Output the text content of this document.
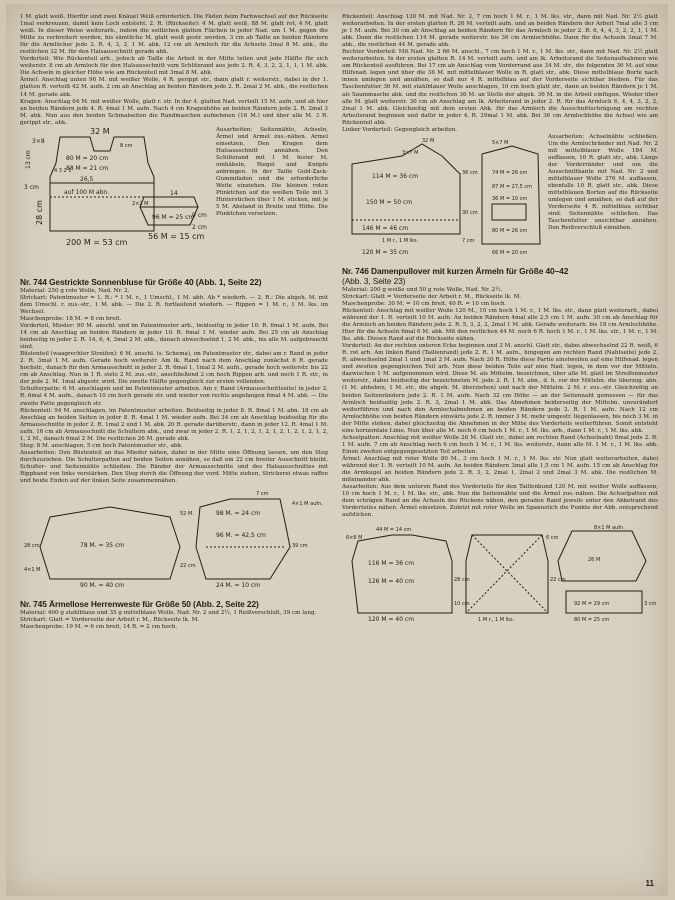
1 M. glatt weiß. Hierfür sind zwei Knäuel Weiß erforderlich. Die Fäden beim Farbwechsel auf der Rückseite 1mal verkreuzen, damit kein Loch entsteht. 2. R. (Rückseite): 4 M. glatt weiß, 88 M. glatt rot, 4 M. glatt weiß. In dieser Weise weiterarb., indem die seitlichen glatten Flächen in jeder Nad. um 1 M. gegen die Mitte zu verbreitert werden, bis sämtliche M. glatt weiß gestr. werden. 3 cm ab Taille an beiden Rändern für die Armlöcher jede 2. R. 4, 3, 2, 1 M. abk. 12 cm ab Armloch für die Achseln 3mal 8 M. abk., die restlichen 32 M. für den Halsausschnitt gerade abk.

Vorderteil: Wie Rückenteil arb., jedoch ab Taille die Arbeit in der Mitte teilen und jede Hälfte für sich weiterstr. 8 cm ab Armloch für den Halsausschnitt vom Schlitzrand aus jede 2. R. 4, 3, 2, 2, 1, 1, 1 M. abk. Die Achseln in gleicher Höhe wie am Rückenteil mit 3mal 8 M. abk.

Ärmel: Anschlag unten 96 M. mit weißer Wolle, 4 R. gerippt str., dann glatt r. weiterstr., dabei in der 1. glatten R. verteilt 42 M. aufn. 2 cm ab Anschlag an beiden Rändern jede 2. R. 2mal 2 M. abk., die restlichen 14 M. gerade abk.

Kragen: Anschlag 64 M. mit weißer Wolle, glatt r. str. In der 4. glatten Nad. verteilt 15 M. aufn. und ab hier an beiden Rändern jede 4. R. 4mal 1 M. aufn. Nach 4 cm Kragenhöhe an beiden Rändern jede 2. R. 2mal 3 M. abk. Nun aus den beiden Schmalseiten die Randmaschen aufnehmen (16 M.) und über alle M. 3 R. gerippt str., abk.

Ausarbeiten: Seitennähte, Achseln, Ärmel und Armel zus.-nähen. Armel einsetzen. Den Kragen dem Halsausschnitt annähen. Den Schlitzrand mit 1 M. fester M. umhäkeln, Riegel und Knöpfe anbringen. In der Taille Gold-Zack-Gummifaden und die erforderliche Weite einziehen. Die kleinen roten Pünktchen auf die weißen Teile mit 3 Hinterstichen über 1 M. sticken, mit je 5 M. Abstand in Breite und Höhe. Die Pünktchen versetzen.

32 M
3×8
8 cm
80 M = 20 cm
88 M = 21 cm
4 3 2 1
26,5
auf 100 M abn.
13 cm
3 cm
28 cm
200 M = 53 cm
14
2×2 M
96 M = 25 cm
9 cm
2 cm
56 M = 15 cm
Nr. 744 Gestrickte Sonnenbluse für Größe 40 (Abb. 1, Seite 22)

Material: 250 g rote Wolle, Nad. Nr. 2.

Strickart: Patentmuster = 1. R.: * 1 M. r., 1 Umschl., 1 M. abh. Ab * wiederh. — 2. R.: Die abgeh. M. mit dem Umschl. r. zus.-str., 1 M. abk. — Die 2. R. fortlaufend wiederh. — Rippen = 1 M. r., 1 M. lks. im Wechsel.

Maschenprobe: 18 M. = 8 cm breit.

Vorderteil, Mieder: 90 M. anschl. und im Patentmuster arb., beidseitig in jeder 10. R. 6mal 1 M. aufn. Bei 14 cm ab Anschlag an beiden Rändern in jeder 10. R. 6mal 1 M. wieder aufn. Bei 25 cm ab Anschlag beidseitig in jeder 2. R. 14, 6, 4, 3mal 2 M. abk., danach abwechselnd 1, 2 M. abk., bis alle M. aufgebraucht sind.

Büstenteil (waagrechter Streifen): 6 M. anschl. (s. Schema), im Patentmuster str., dabei am r. Rand in jeder 2. R. 3mal 1 M. aufn. Gerade hoch weiterstr. Am lk. Rand nach dem Anschlag zunächst 6 R. gerade hochstr., danach für den Armausschnitt in jeder 2. R. 6mal 1, 1mal 2 M. aufn., gerade hoch weiterstr. bis 22 cm ab Anschlag. Nun in 1 R. stets 2 M. zus.-str., anschließend 2 cm hoch Rippen arb. und noch 1 R. str., in der jede 2. M. 1mal abgestr. wird. Die zweite Hälfte gegengleich zur ersten vollenden.

Schulterpatte: 6 M. anschlagen und im Patentmuster arbeiten. Am r. Rand (Armausschnittseite) in jeder 2. R. 6mal 4 M. aufn., danach 10 cm hoch gerade str. und wieder von rechts angefangen 6mal 4 M. abk. — Die zweite Patte gegengleich str.

Rückenteil: 94 M. anschlagen, im Patentmuster arbeiten. Beidseitig in jeder 8. R. 8mal 1 M. abn. 18 cm ab Anschlag an beiden Seiten in jeder 8. R. 4mal 1 M. wieder aufn. Bei 34 cm ab Anschlag beidseitig für die Armausschnitte in jeder 2. R. 1mal 2 und 1 M. abk. 20 R. gerade darüberstr., dann in jeder 12. R. 4mal 1 M. aufn. 16 cm ab Armausschnitt die Schultern abk., und zwar in jeder 2. R. 1, 2, 1, 2, 1, 2, 1, 2, 1, 2, 1, 2, 1, 2, 1, 2 M., danach 6mal 2 M. Die restlichen 26 M. gerade abk.

Steg: 8 M. anschlagen, 5 cm hoch Patentmuster str., abk.

Ausarbeiten: Den Büstenteil an das Mieder nähen, dabei in der Mitte eine Öffnung lassen, um den Steg durchzuziehen. Die Schulterpatten auf beiden Seiten annähen, so daß ein 22 cm breiter Ausschnitt bleibt. Schulter- und Seitennähte schließen. Die Ränder der Armausschnitte und des Halsausschnittes mit Rippband von links verstärken. Den Steg durch die Öffnung der vord. Mitte ziehen, Strickerei etwas raffen und beide Enden auf der linken Seite zusammennähen.

98 M. = 24 cm
96 M. = 42,5 cm
78 M. = 35 cm
90 M. = 40 cm
52 M.
7 cm
28 cm
22 cm
39 cm
24 M. = 10 cm
4×1 M aufn.
4×1 M
Nr. 745 Ärmellose Herrenweste für Größe 50 (Abb. 2, Seite 22)

Material: 400 g stahlblaue und 35 g mittelblaue Wolle, Nad. Nr. 2 und 2½, 1 Reißverschluß, 39 cm lang.

Strickart: Glatt = Vorderseite der Arbeit r. M., Rückseite lk. M.

Maschenprobe: 19 M. = 6 cm breit, 14 R. = 2 cm hoch.

Rückenteil: Anschlag 130 M. mit Nad. Nr. 2, 7 cm hoch 1 M. r., 1 M. lks. str., dann mit Nad. Nr. 2½ glatt weiterarbeiten. In der ersten glatten R. 26 M. verteilt aufn. und an beiden Rändern der Arbeit 7mal alle 3 cm je 1 M. aufn. Bei 30 cm ab Anschlag an beiden Rändern für das Armloch in jeder 2. R. 6, 4, 4, 3, 2, 2, 1, 1 M. abk. Dann die restlichen 114 M. gerade weiterstr. bis 36 cm Armlochhöhe. Dann für die Achseln 3mal 7 M. abk., die restlichen 44 M. gerade abk.

Rechter Vorderteil: Mit Nad. Nr. 2 66 M. anschl., 7 cm hoch 1 M. r., 1 M. lks. str., dann mit Nad. Nr. 2½ glatt weiterarbeiten. In der ersten glatten R. 14 M. verteilt aufn. und am lk. Arbeitsrand die Seitenaufnahmen wie am Rückenteil ausführen. Bei 17 cm ab Anschlag vom Vorderrand aus 34 M. str., die folgenden 36 M. auf eine Hilfsnad. legen und über die 36 M. mit mittelblauer Wolle in R. glatt str., abk. Diese mittelblaue Borte nach innen umlegen und annähen, so daß nur 4 R. mittelblau auf der Vorderseite sichtbar bleiben. Für das Taschenfutter 36 M. mit stahlblauer Wolle anschlagen, 10 cm hoch glatt str., dann an beiden Rändern je 1 M. als Saummasche abk. und die restlichen 36 M. an Stelle der abgek. 36 M. in die Arbeit einfügen. Wieder über alle M. glatt weiterstr. 30 cm ab Anschlag am lk. Arbeitsrand in jeder 2. R. für das Armloch 6, 4, 4, 3, 2, 2, 2mal 1 M. abk. Gleichzeitig mit dem ersten Abk. für das Armloch die Ausschnittschrägung am rechten Arbeitsrand beginnen und dafür in jeder 4. R. 29mal 1 M. abk. Bei 36 cm Armlochhöhe die Achsel wie am Rückenteil abk.

Linker Vorderteil: Gegengleich arbeiten.

32 M
114 M = 36 cm
150 M = 50 cm
146 M = 46 cm
120 M = 35 cm
3×7 M
5×7 M
36 M = 10 cm
74 M = 26 cm
87 M = 27,5 cm
80 M = 26 cm
66 M = 20 cm
1 M r., 1 M lks.	7 cm
30 cm
36 cm

Ausarbeiten: Achselnähte schließen. Um die Armlochränder mit Nad. Nr. 2 mit mittelblauer Wolle 184 M. auffassen, 10 R. glatt str., abk. Längs der Vorderränder und um die Ausschnittkante mit Nad. Nr. 2 und mittelblauer Wolle 376 M. auffassen, ebenfalls 10 R. glatt str., abk. Diese mittelblauen Borten auf die Rückseite umlegen und annähen, so daß auf der Vorderseite 4 R. mittelblau sichtbar sind. Seitennähte schließen. Das Taschenfutter unsichtbar annähen. Den Reißverschluß einnähen.

Nr. 746 Damenpullover mit kurzen Ärmeln für Größe 40–42
(Abb. 3, Seite 23)

Material: 200 g weiße und 50 g rote Wolle, Nad. Nr. 2½.

Strickart: Glatt = Vorderseite der Arbeit r. M., Rückseite lk. M.

Maschenprobe: 30 M. = 10 cm breit, 40 R. = 10 cm hoch.

Rückenteil: Anschlag mit weißer Wolle 120 M., 10 cm hoch 1 M. r., 1 M. lks. str., dann glatt weiterarb., dabei während der 1. R. verteilt 10 M. aufn. An beiden Rändern 4mal alle 2,5 cm 1 M. aufn. 30 cm ab Anschlag für die Armloch an beiden Rändern jede 2. R. 5, 3, 2, 2, 2mal 1 M. abk. Gerade weiterarb. bis 18 cm Armlochhöhe. Hier für die Achseln 6mal 6 M. abk. Mit den restlichen 44 M. noch 6 R. hoch 1 M. r., 1 M. lks. str., 1 M. r., 1 M. lks. abk. Diesen Rand auf die Rückseite nähen.

Vorderteil: An der rechten unteren Ecke beginnen und 3 M. anschl. Glatt str., dabei abwechselnd 22 R. weiß, 6 R. rot arb. Am linken Rand (Taillenrand) jede 2. R. 1 M. aufn., hingegen am rechten Rand (Nahtseite) jede 2. R. abwechselnd 2mal 1 und 1mal 2 M. aufn. Nach 20 R. Höhe diese Partie einstweilen auf eine Hilfsnad. legen und zweiten gegengleichen Teil arb. Nun diese beiden Teile auf eine Nad. legen, in dem vor der Mitteln. dazwischen 1 M. aufgenommen wird. Diese M. als Mittelm. bezeichnen, über alle M. glatt im Streifenmuster weiterstr., dabei beidseitig der bezeichneten M. jede 2. R. 1 M. abn., d. h. vor der Mittelm. die überzog. abn. (1 M. abheben, 1 M. str., die abgeh. M. überziehen) und nach der Mittelm. 2 M. r. zus.-str. Gleichzeitig an beiden Seitenrändern jede 2. R. 1 M. aufn. Nach 32 cm Höhe — an der Seitennaht gemessen — für das Armloch beidseitig jede 2. R. 3, 2mal 1 M. abk. Das Abnehmen beiderseitig der Mittelm. unverändert weiterführen und nach den Armlochabnehmen an beiden Rändern jede 2. R. 1 M. aufn. Nach 12 cm Armlochhöhe von beiden Rändern einwärts jede 2. R. immer 3 M. mehr umgestr. liegenlassen, bis noch 3 M. in der Mitte stehen, dabei gleichzeitig die Abnehmen in der Mitte des Vorderteils weiterführen. Somit entsteht eine horizontale Linie. Nun über alle M. noch 6 cm hoch 1 M. r., 1 M. lks. arb., dann 1 M. r., 1 M. lks. abk.

Achselpatten: Anschlag mit weißer Wolle 26 M. Glatt str., dabei am rechten Rand (Achselnaht) 8mal jede 2. R. 1 M. aufn. 7 cm ab Anschlag noch 6 cm hoch 1 M. r., 1 M. lks. weiterstr., dann alle M. 1 M. r., 1 M. lks. abk. Einen zweiten entgegengesetzten Teil arbeiten.

Ärmel: Anschlag mit roter Wolle 80 M., 3 cm hoch 1 M. r., 1 M. lks. str. Nun glatt weiterarbeiten, dabei während der 1. R. verteilt 10 M. aufn. An beiden Rändern 3mal alle 1,5 cm 1 M. aufn. 15 cm ab Anschlag für die Armkugel an beiden Rändern jede 2. R. 3, 2, 2mal 1, 2mal 2 und 2mal 3 M. abk. Die restlichen M. miteinander abk.

Ausarbeiten: Aus dem unteren Rand des Vorderteils für den Taillenbund 120 M. mit weißer Wolle auffassen, 10 cm hoch 1 M. r., 1 M. lks. str., abk. Nun die Seitennähte und die Ärmel zus.-nähen. Die Achselpatten mit dem schrägen Rand an die Achseln des Rückens nähen, den geraden Rand jeweils unter den Abketrand des Vorderteiles nähen. Ärmel einsetzen. Zuletzt mit roter Wolle im Spannstich die Punkte der Abb. entsprechend aufsticken.

44 M = 14 cm
6×6 M
116 M = 36 cm
126 M = 40 cm
120 M = 40 cm
10 cm
1 M r., 1 M lks.
6 cm
28 cm	22 cm
92 M = 29 cm
80 M = 25 cm
3 cm
8×1 M aufn.
26 M
11
